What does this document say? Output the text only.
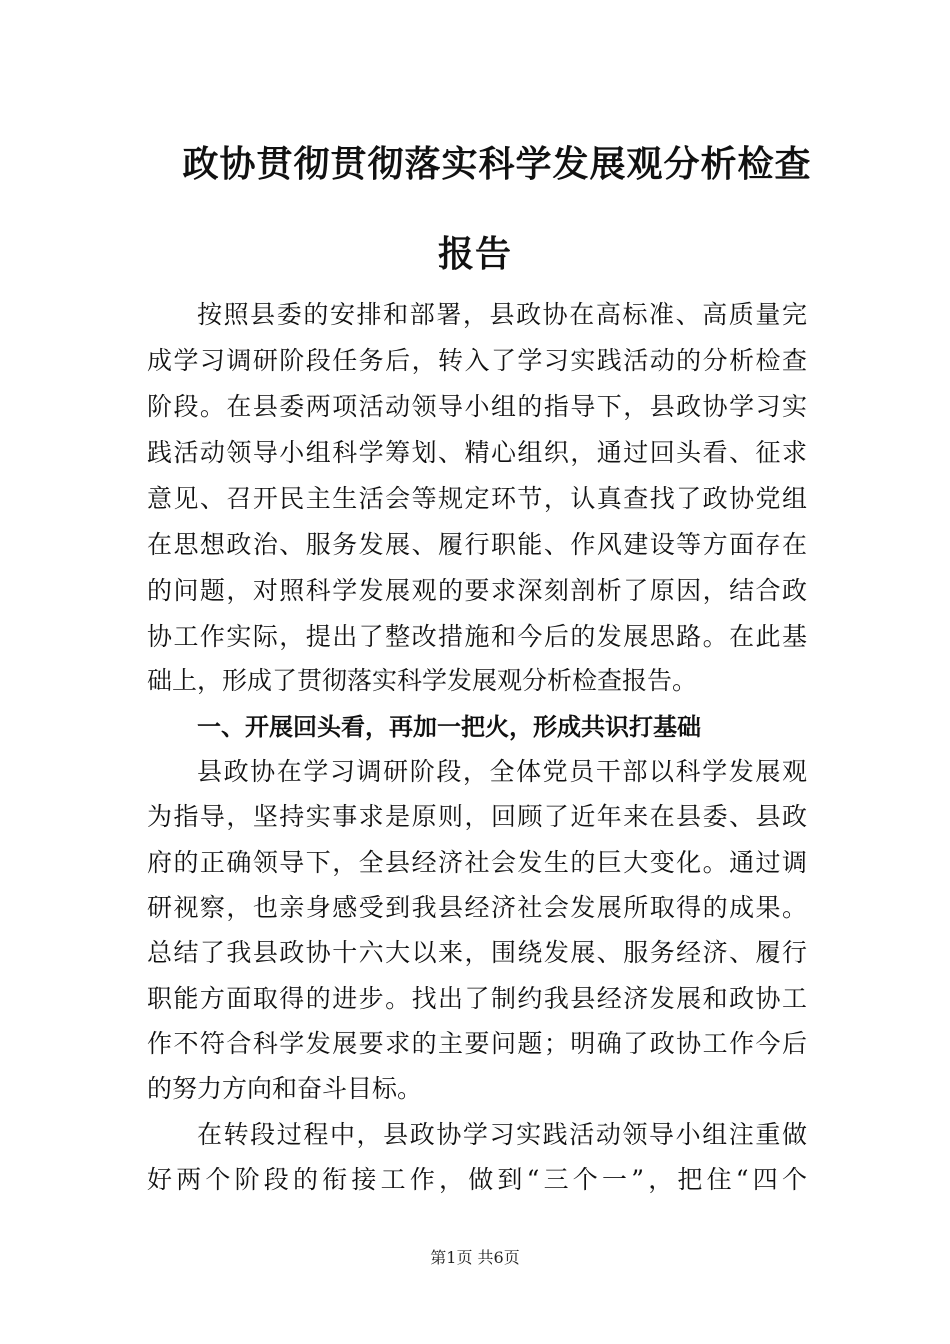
政协贯彻贯彻落实科学发展观分析检查
报告
按照县委的安排和部署，县政协在高标准、高质量完
成学习调研阶段任务后，转入了学习实践活动的分析检查
阶段。在县委两项活动领导小组的指导下，县政协学习实
践活动领导小组科学筹划、精心组织，通过回头看、征求
意见、召开民主生活会等规定环节，认真查找了政协党组
在思想政治、服务发展、履行职能、作风建设等方面存在
的问题，对照科学发展观的要求深刻剖析了原因，结合政
协工作实际，提出了整改措施和今后的发展思路。在此基
础上，形成了贯彻落实科学发展观分析检查报告。
一、开展回头看，再加一把火，形成共识打基础
县政协在学习调研阶段，全体党员干部以科学发展观
为指导，坚持实事求是原则，回顾了近年来在县委、县政
府的正确领导下，全县经济社会发生的巨大变化。通过调
研视察，也亲身感受到我县经济社会发展所取得的成果。
总结了我县政协十六大以来，围绕发展、服务经济、履行
职能方面取得的进步。找出了制约我县经济发展和政协工
作不符合科学发展要求的主要问题；明确了政协工作今后
的努力方向和奋斗目标。
在转段过程中，县政协学习实践活动领导小组注重做
好两个阶段的衔接工作，做到“三个一”，把住“四个
第1页 共6页
